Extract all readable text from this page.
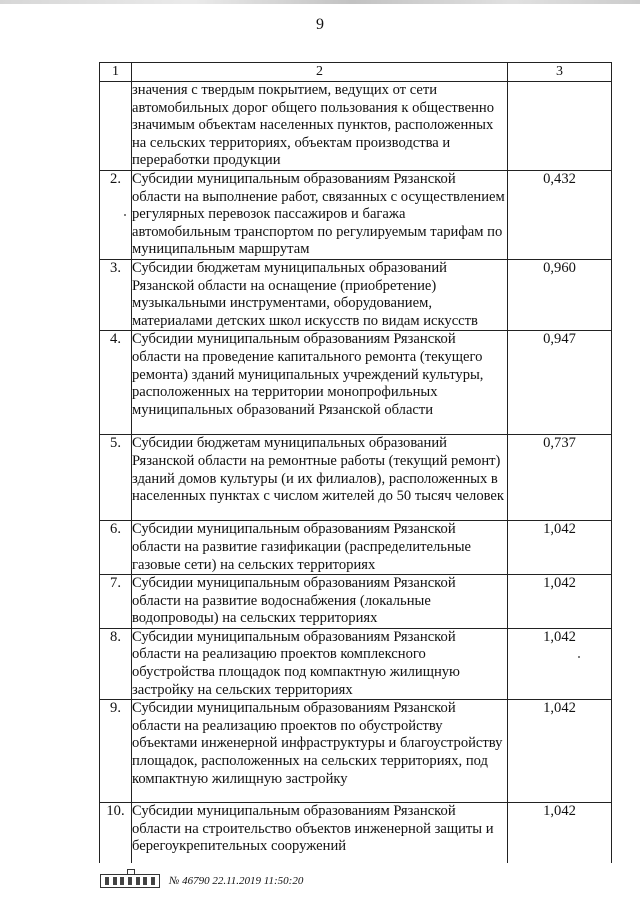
9
1	2	3
	значения с твердым покрытием, ведущих от сети автомобильных дорог общего пользования к общественно значимым объектам населенных пунктов, расположенных на сельских территориях, объектам производства и переработки продукции	
2.	Субсидии муниципальным образованиям Рязанской области на выполнение работ, связанных с осуществлением регулярных перевозок пассажиров и багажа автомобильным транспортом по регулируемым тарифам по муниципальным маршрутам	0,432
3.	Субсидии бюджетам муниципальных образований Рязанской области на оснащение (приобретение) музыкальными инструментами, оборудованием, материалами детских школ искусств по видам искусств	0,960
4.	Субсидии муниципальным образованиям Рязанской области на проведение капитального ремонта (текущего ремонта) зданий муниципальных учреждений культуры, расположенных на территории монопрофильных муниципальных образований Рязанской области	0,947
5.	Субсидии бюджетам муниципальных образований Рязанской области на ремонтные работы (текущий ремонт) зданий домов культуры (и их филиалов), расположенных в населенных пунктах с числом жителей до 50 тысяч человек	0,737
6.	Субсидии муниципальным образованиям Рязанской области на развитие газификации (распределительные газовые сети) на сельских территориях	1,042
7.	Субсидии муниципальным образованиям Рязанской области на развитие водоснабжения (локальные водопроводы) на сельских территориях	1,042
8.	Субсидии муниципальным образованиям Рязанской области на реализацию проектов комплексного обустройства площадок под компактную жилищную застройку на сельских территориях	1,042
9.	Субсидии муниципальным образованиям Рязанской области на реализацию проектов по обустройству объектами инженерной инфраструктуры и благоустройству площадок, расположенных на сельских территориях, под компактную жилищную застройку	1,042
10.	Субсидии муниципальным образованиям Рязанской области на строительство объектов инженерной защиты и берегоукрепительных сооружений	1,042
№ 46790 22.11.2019 11:50:20
